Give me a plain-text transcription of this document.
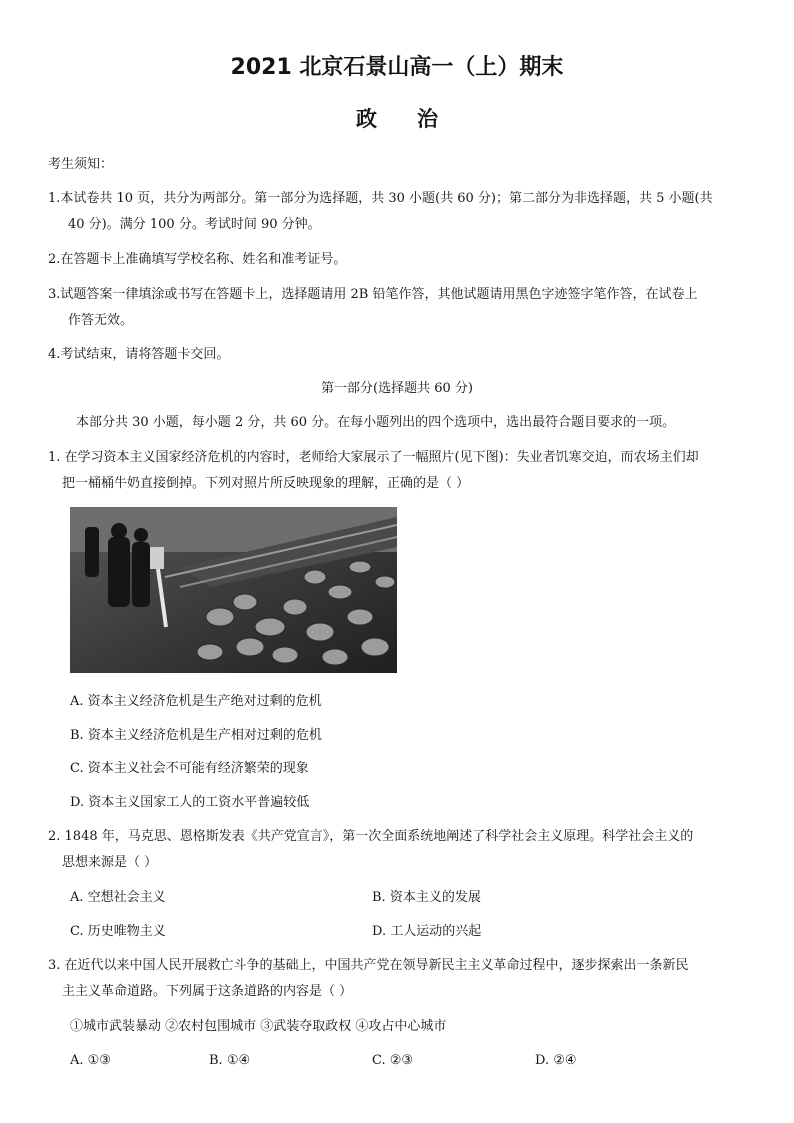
2021 北京石景山高一（上）期末
政治
考生须知：
1.本试卷共 10 页，共分为两部分。第一部分为选择题，共 30 小题(共 60 分)；第二部分为非选择题，共 5 小题(共
40 分)。满分 100 分。考试时间 90 分钟。
2.在答题卡上准确填写学校名称、姓名和准考证号。
3.试题答案一律填涂或书写在答题卡上，选择题请用 2B 铅笔作答，其他试题请用黑色字迹签字笔作答，在试卷上
作答无效。
4.考试结束，请将答题卡交回。
第一部分(选择题共 60 分)
本部分共 30 小题，每小题 2 分，共 60 分。在每小题列出的四个选项中，选出最符合题目要求的一项。
1. 在学习资本主义国家经济危机的内容时，老师给大家展示了一幅照片(见下图)：失业者饥寒交迫，而农场主们却
把一桶桶牛奶直接倒掉。下列对照片所反映现象的理解，正确的是（ ）
A. 资本主义经济危机是生产绝对过剩的危机
B. 资本主义经济危机是生产相对过剩的危机
C. 资本主义社会不可能有经济繁荣的现象
D. 资本主义国家工人的工资水平普遍较低
2. 1848 年，马克思、恩格斯发表《共产党宣言》，第一次全面系统地阐述了科学社会主义原理。科学社会主义的
思想来源是（ ）
A. 空想社会主义	B. 资本主义的发展
C. 历史唯物主义	D. 工人运动的兴起
3. 在近代以来中国人民开展救亡斗争的基础上，中国共产党在领导新民主主义革命过程中，逐步探索出一条新民
主主义革命道路。下列属于这条道路的内容是（ ）
①城市武装暴动 ②农村包围城市 ③武装夺取政权 ④攻占中心城市
A. ①③	B. ①④	C. ②③	D. ②④
